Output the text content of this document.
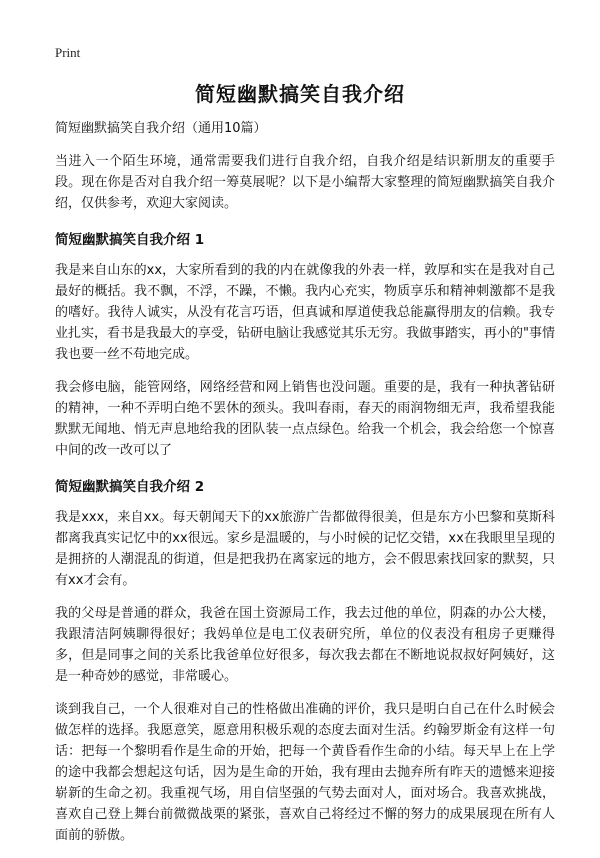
Print
简短幽默搞笑自我介绍
简短幽默搞笑自我介绍（通用10篇）

当进入一个陌生环境，通常需要我们进行自我介绍，自我介绍是结识新朋友的重要手段。现在你是否对自我介绍一筹莫展呢？以下是小编帮大家整理的简短幽默搞笑自我介绍，仅供参考，欢迎大家阅读。

简短幽默搞笑自我介绍 1

我是来自山东的xx，大家所看到的我的内在就像我的外表一样，敦厚和实在是我对自己最好的概括。我不飘，不浮，不躁，不懒。我内心充实，物质享乐和精神刺激都不是我的嗜好。我待人诚实，从没有花言巧语，但真诚和厚道使我总能赢得朋友的信赖。我专业扎实，看书是我最大的享受，钻研电脑让我感觉其乐无穷。我做事踏实，再小的"事情我也要一丝不苟地完成。

我会修电脑，能管网络，网络经营和网上销售也没问题。重要的是，我有一种执著钻研的精神，一种不弄明白绝不罢休的颈头。我叫春雨，春天的雨润物细无声，我希望我能默默无闻地、悄无声息地给我的团队装一点点绿色。给我一个机会，我会给您一个惊喜中间的改一改可以了

简短幽默搞笑自我介绍 2

我是xxx，来自xx。每天朝闻天下的xx旅游广告都做得很美，但是东方小巴黎和莫斯科都离我真实记忆中的xx很远。家乡是温暖的，与小时候的记忆交错，xx在我眼里呈现的是拥挤的人潮混乱的街道，但是把我扔在离家远的地方，会不假思索找回家的默契，只有xx才会有。

我的父母是普通的群众，我爸在国土资源局工作，我去过他的单位，阴森的办公大楼，我跟清洁阿姨聊得很好；我妈单位是电工仪表研究所，单位的仪表没有租房子更赚得多，但是同事之间的关系比我爸单位好很多，每次我去都在不断地说叔叔好阿姨好，这是一种奇妙的感觉，非常暖心。

谈到我自己，一个人很难对自己的性格做出准确的评价，我只是明白自己在什么时候会做怎样的选择。我愿意笑，愿意用积极乐观的态度去面对生活。约翰罗斯金有这样一句话：把每一个黎明看作是生命的开始，把每一个黄昏看作生命的小结。每天早上在上学的途中我都会想起这句话，因为是生命的开始，我有理由去抛弃所有昨天的遗憾来迎接崭新的生命之初。我重视气场，用自信坚强的气势去面对人，面对场合。我喜欢挑战，喜欢自己登上舞台前微微战栗的紧张，喜欢自己将经过不懈的努力的成果展现在所有人面前的骄傲。
